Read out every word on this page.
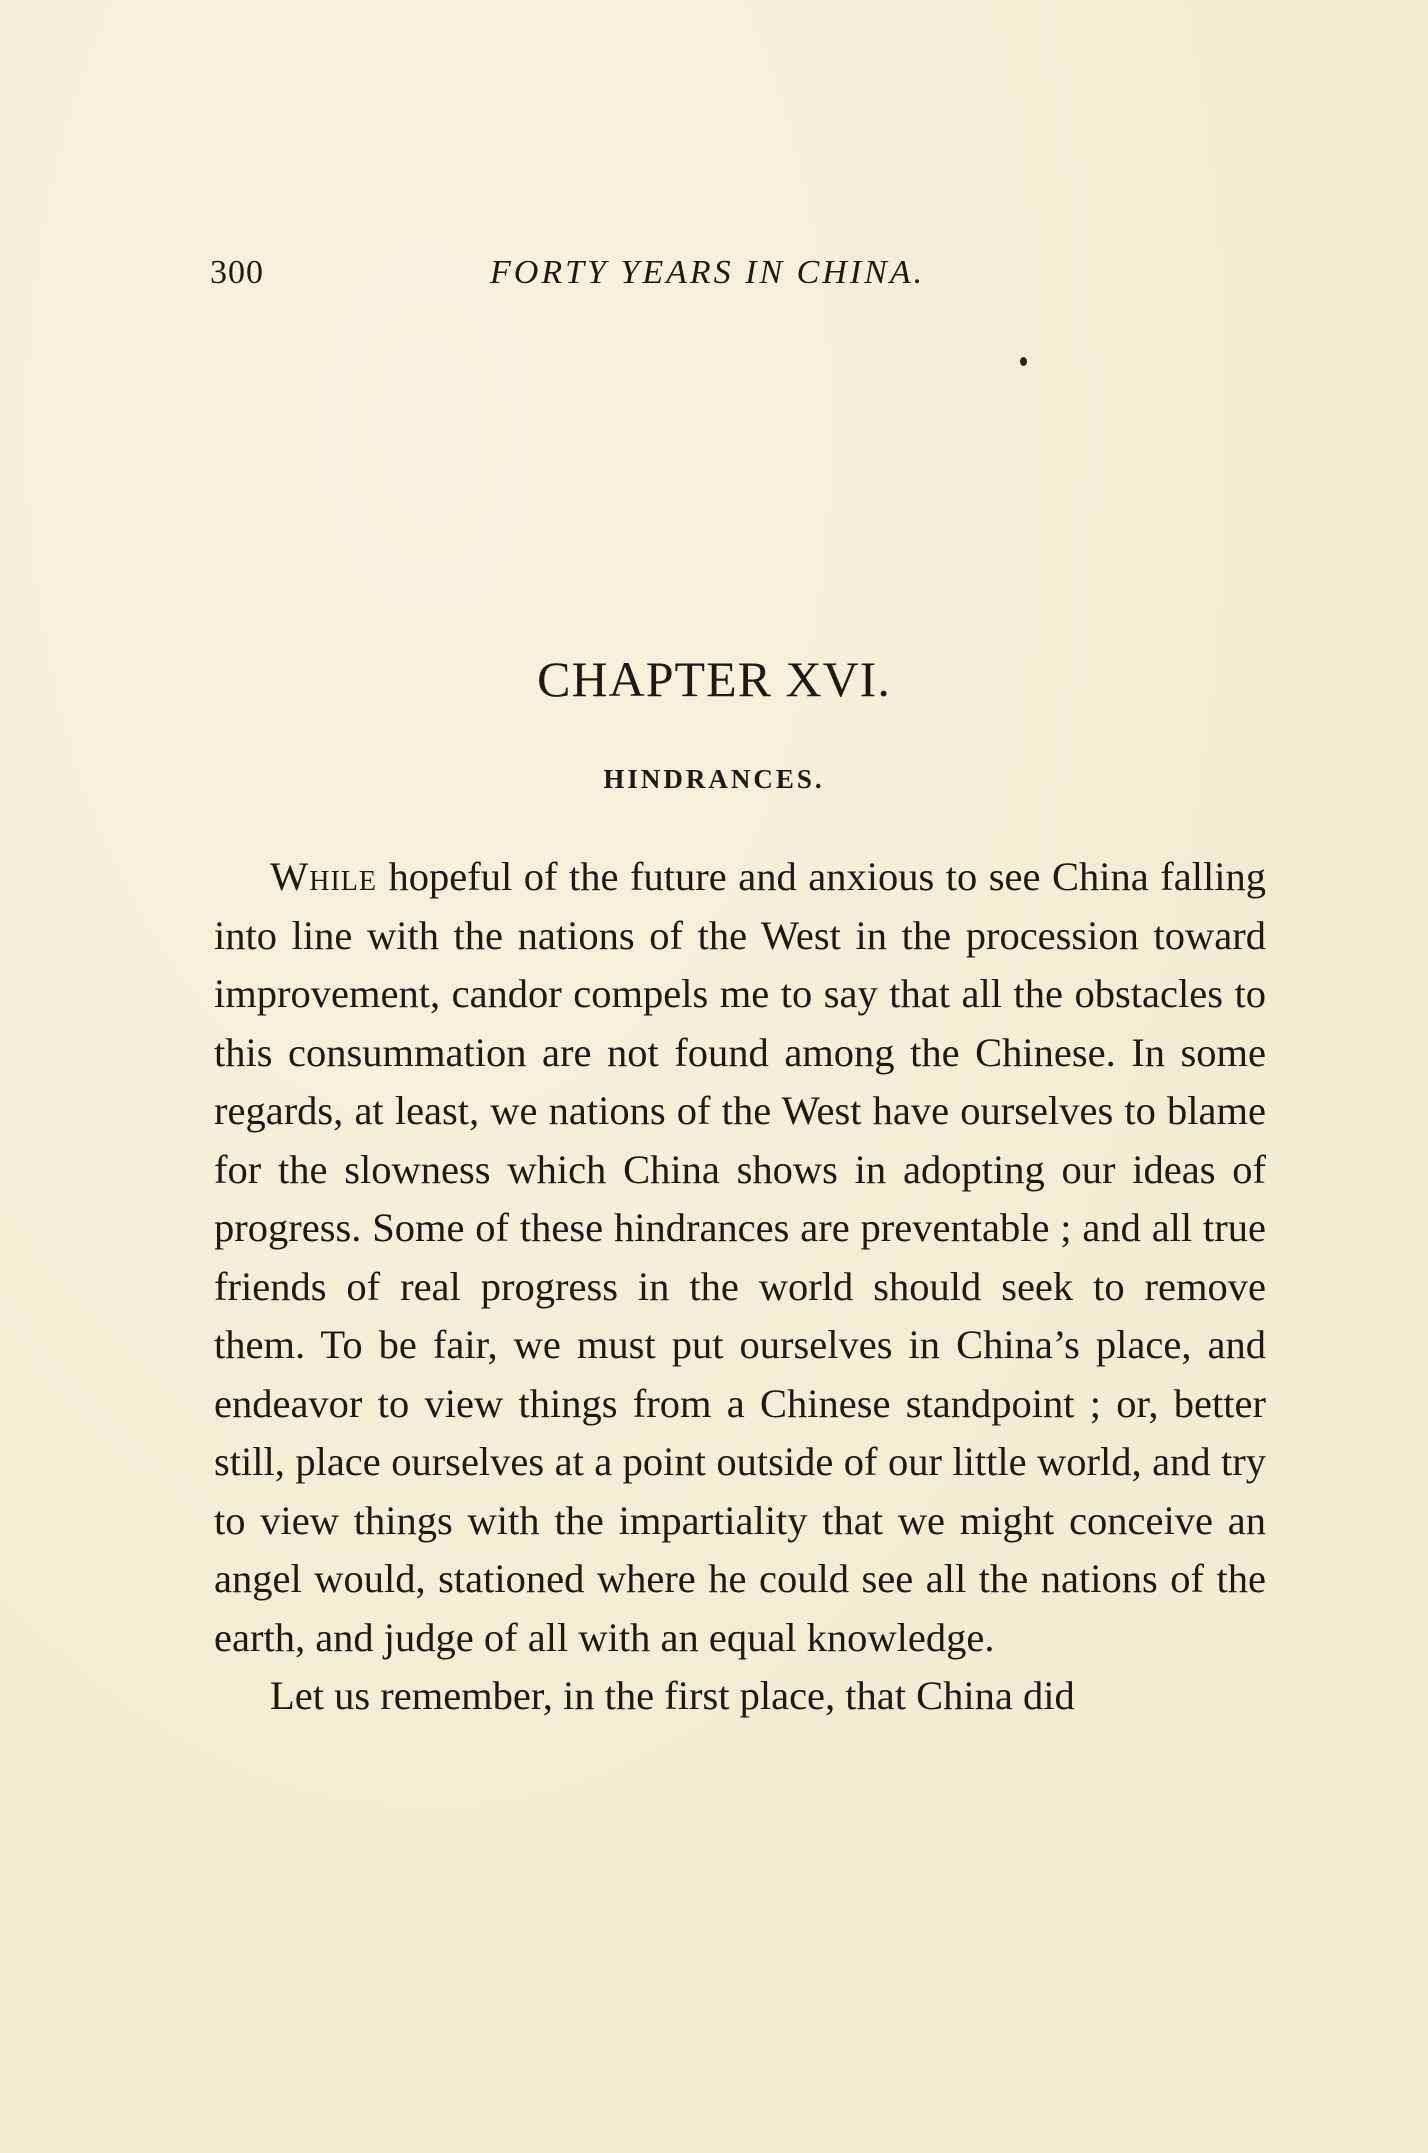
300	FORTY YEARS IN CHINA.
CHAPTER XVI.
HINDRANCES.

While hopeful of the future and anxious to see China falling into line with the nations of the West in the procession toward improvement, candor compels me to say that all the obstacles to this consummation are not found among the Chinese. In some regards, at least, we nations of the West have ourselves to blame for the slowness which China shows in adopting our ideas of progress. Some of these hindrances are preventable ; and all true friends of real progress in the world should seek to remove them. To be fair, we must put ourselves in China’s place, and endeavor to view things from a Chinese standpoint ; or, better still, place ourselves at a point outside of our little world, and try to view things with the impartiality that we might conceive an angel would, stationed where he could see all the nations of the earth, and judge of all with an equal knowledge.

Let us remember, in the first place, that China did
